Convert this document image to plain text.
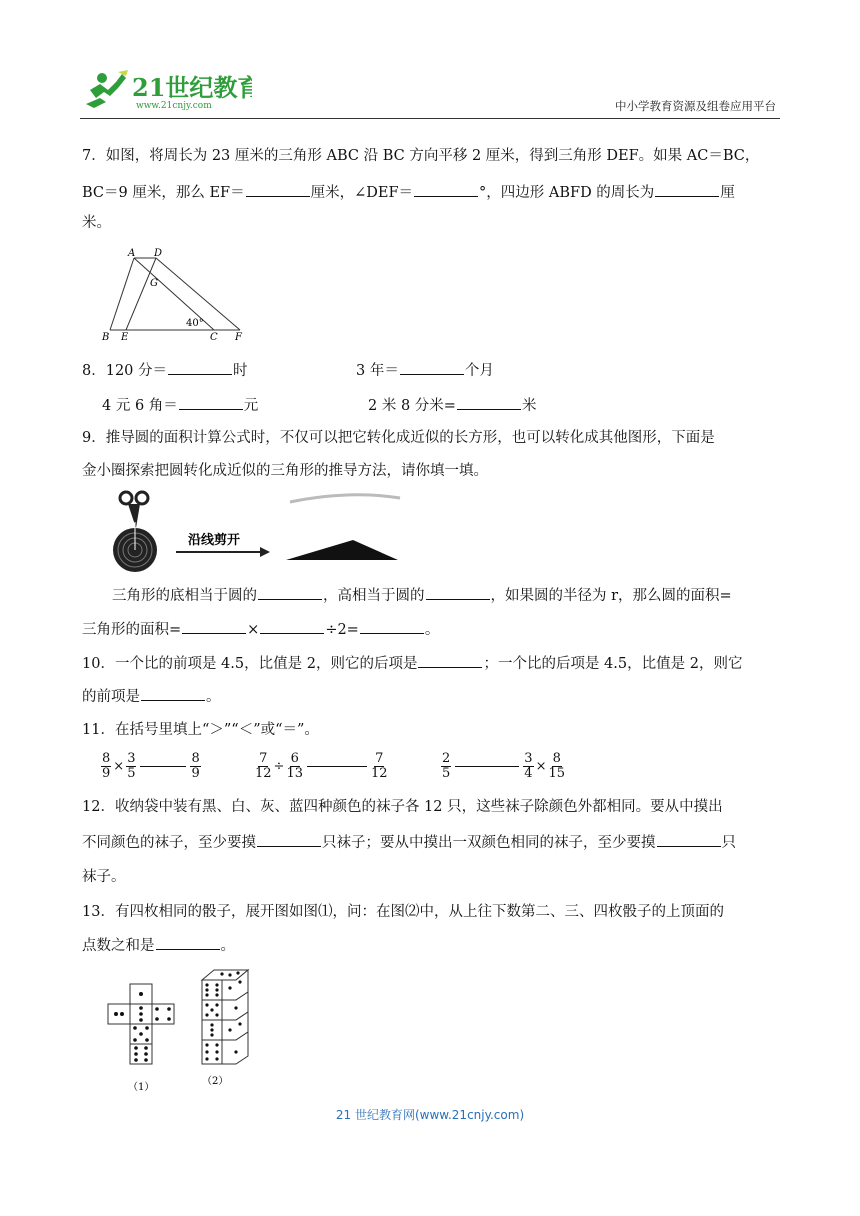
21世纪教育
www.21cnjy.com	中小学教育资源及组卷应用平台
7．如图，将周长为 23 厘米的三角形 ABC 沿 BC 方向平移 2 厘米，得到三角形 DEF。如果 AC＝BC，
BC＝9 厘米，那么 EF＝	厘米，∠DEF＝	°，四边形 ABFD 的周长为	厘
米。
A D
G
B E	C F
40°
8．120 分＝	时	3 年＝	个月
4 元 6 角＝	元	2 米 8 分米=	米
9．推导圆的面积计算公式时，不仅可以把它转化成近似的长方形，也可以转化成其他图形，下面是
金小圈探索把圆转化成近似的三角形的推导方法，请你填一填。
沿线剪开
三角形的底相当于圆的	，高相当于圆的	，如果圆的半径为 r，那么圆的面积=
三角形的面积=	×	÷2=	。
10．一个比的前项是 4.5，比值是 2，则它的后项是	；一个比的后项是 4.5，比值是 2，则它
的前项是	。
11．在括号里填上“＞”“＜”或“＝”。
$\frac{8}{9} \times \frac{3}{5}$	$\frac{8}{9}$	$\frac{7}{12} \div \frac{6}{13}$	$\frac{7}{12}$	$\frac{2}{5}$	$\frac{3}{4} \times \frac{8}{15}$
12．收纳袋中装有黑、白、灰、蓝四种颜色的袜子各 12 只，这些袜子除颜色外都相同。要从中摸出
不同颜色的袜子，至少要摸	只袜子；要从中摸出一双颜色相同的袜子，至少要摸	只
袜子。
13．有四枚相同的骰子，展开图如图⑴，问：在图⑵中，从上往下数第二、三、四枚骰子的上顶面的
点数之和是	。
（1）
（2）
21 世纪教育网(www.21cnjy.com)
